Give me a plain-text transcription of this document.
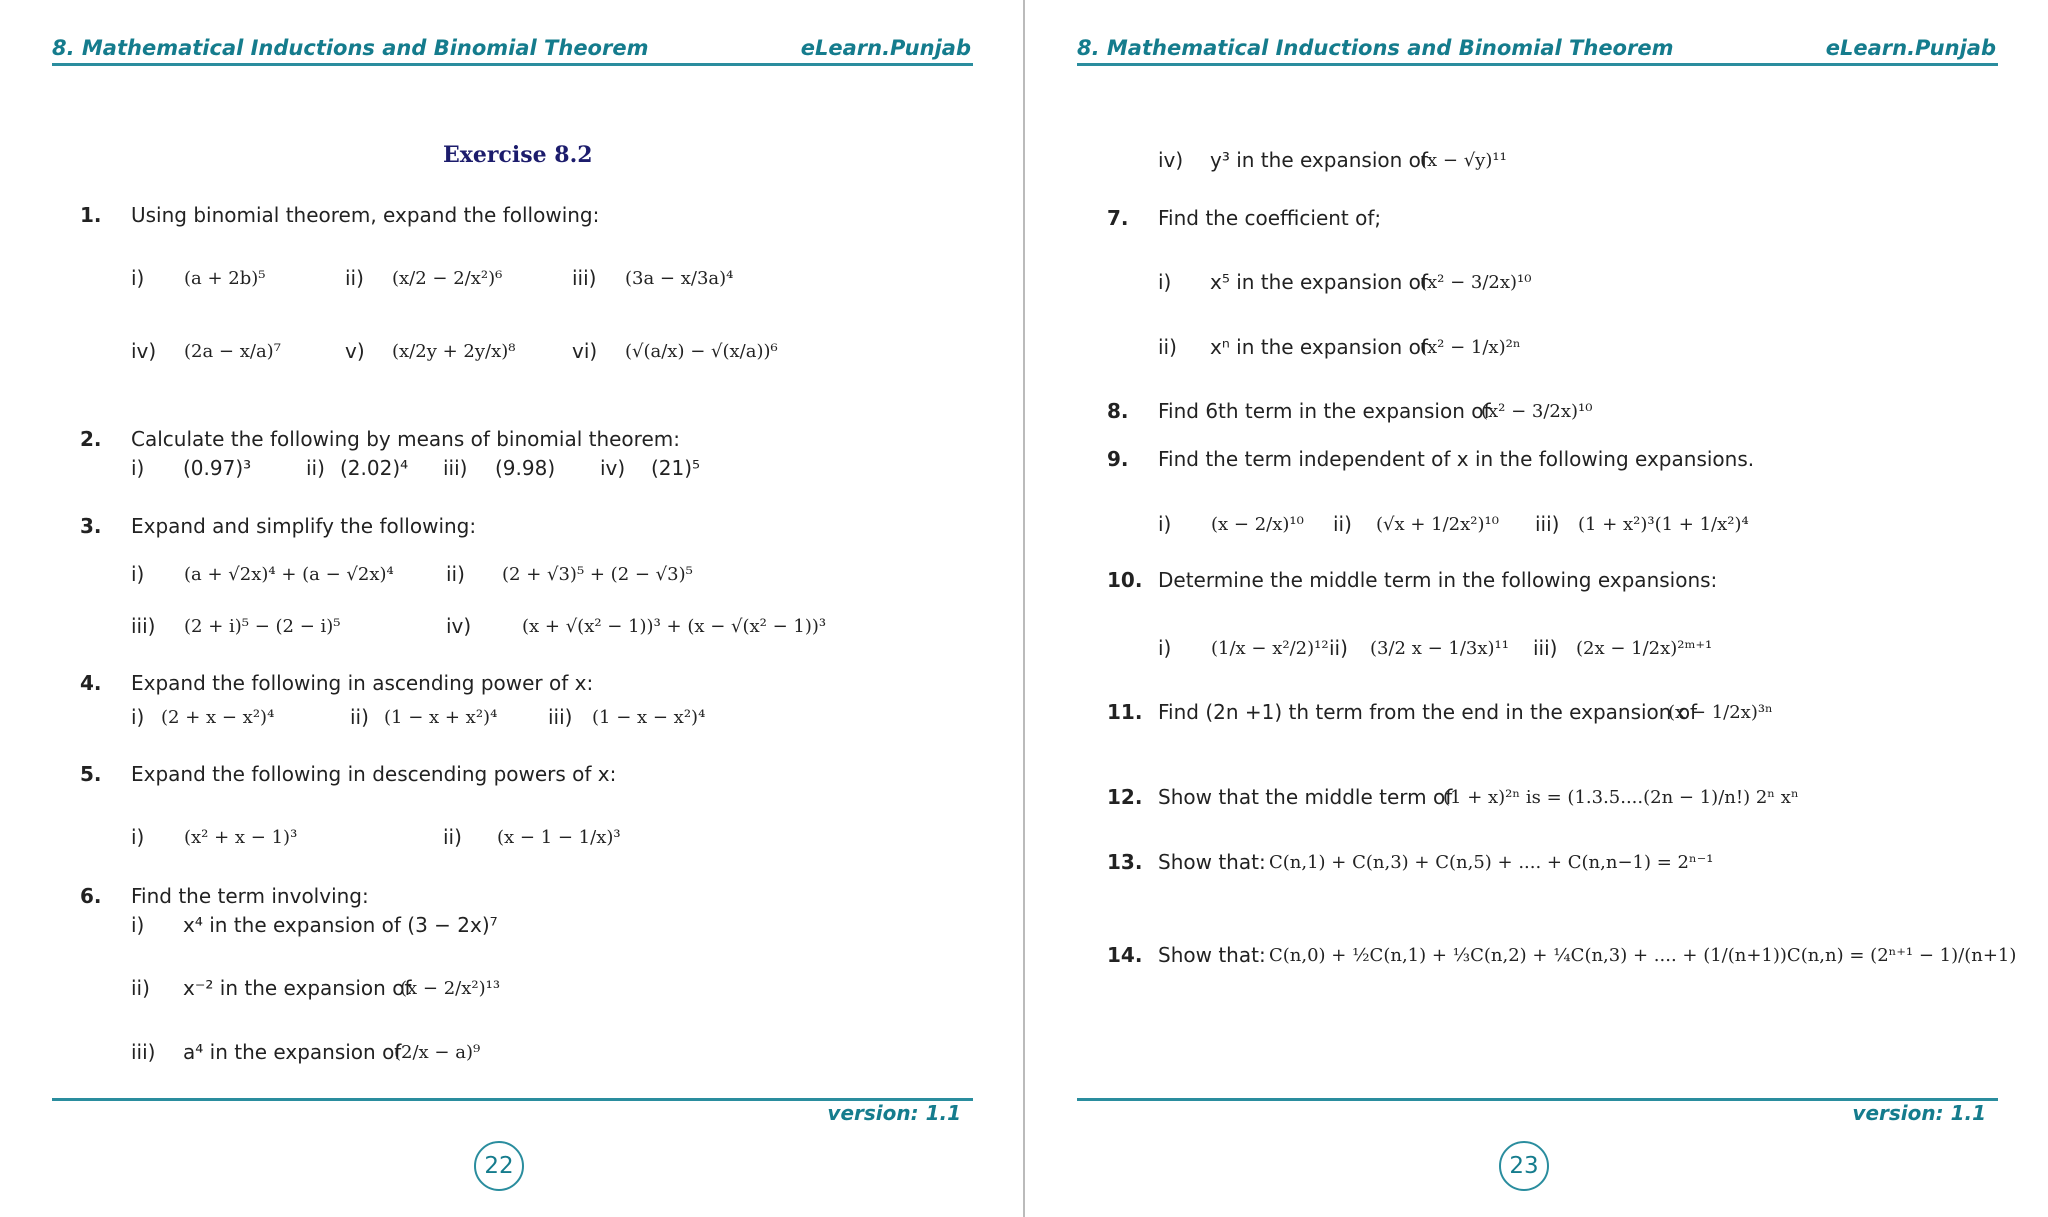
8. Mathematical Inductions and Binomial Theorem	eLearn.Punjab
Exercise 8.2
1. Using binomial theorem, expand the following:
i) (a + 2b)⁵	ii) (x/2 − 2/x²)⁶	iii) (3a − x/3a)⁴
iv) (2a − x/a)⁷	v) (x/2y + 2y/x)⁸	vi) (√(a/x) − √(x/a))⁶
2. Calculate the following by means of binomial theorem:
i) (0.97)³	ii) (2.02)⁴ iii) (9.98) iv) (21)⁵
3. Expand and simplify the following:
i) (a + √2x)⁴ + (a − √2x)⁴	ii) (2 + √3)⁵ + (2 − √3)⁵
iii) (2 + i)⁵ − (2 − i)⁵	iv)	(x + √(x² − 1))³ + (x − √(x² − 1))³
4. Expand the following in ascending power of x:
i) (2 + x − x²)⁴	ii) (1 − x + x²)⁴	iii) (1 − x − x²)⁴
5. Expand the following in descending powers of x:
i) (x² + x − 1)³	ii) (x − 1 − 1/x)³
6. Find the term involving:
i) x⁴ in the expansion of (3 − 2x)⁷
ii) x⁻² in the expansion of
(x − 2/x²)¹³
iii) a⁴ in the expansion of
(2/x − a)⁹
version: 1.1
22
8. Mathematical Inductions and Binomial Theorem	eLearn.Punjab
iv) y³ in the expansion of
(x − √y)¹¹
7. Find the coefficient of;
i) x⁵ in the expansion of
(x² − 3/2x)¹⁰
ii) xⁿ in the expansion of
(x² − 1/x)²ⁿ
8. Find 6th term in the expansion of
(x² − 3/2x)¹⁰
9. Find the term independent of x in the following expansions.
i) (x − 2/x)¹⁰ ii) (√x + 1/2x²)¹⁰ iii) (1 + x²)³(1 + 1/x²)⁴
10. Determine the middle term in the following expansions:
i) (1/x − x²/2)¹² ii) (3/2 x − 1/3x)¹¹ iii) (2x − 1/2x)²ᵐ⁺¹
11. Find (2n +1) th term from the end in the expansion of
(x − 1/2x)³ⁿ
12. Show that the middle term of
(1 + x)²ⁿ is = (1.3.5....(2n − 1)/n!) 2ⁿ xⁿ
13. Show that: C(n,1) + C(n,3) + C(n,5) + .... + C(n,n−1) = 2ⁿ⁻¹
14. Show that: C(n,0) + ½C(n,1) + ⅓C(n,2) + ¼C(n,3) + .... + (1/(n+1))C(n,n) = (2ⁿ⁺¹ − 1)/(n+1)
version: 1.1
23
